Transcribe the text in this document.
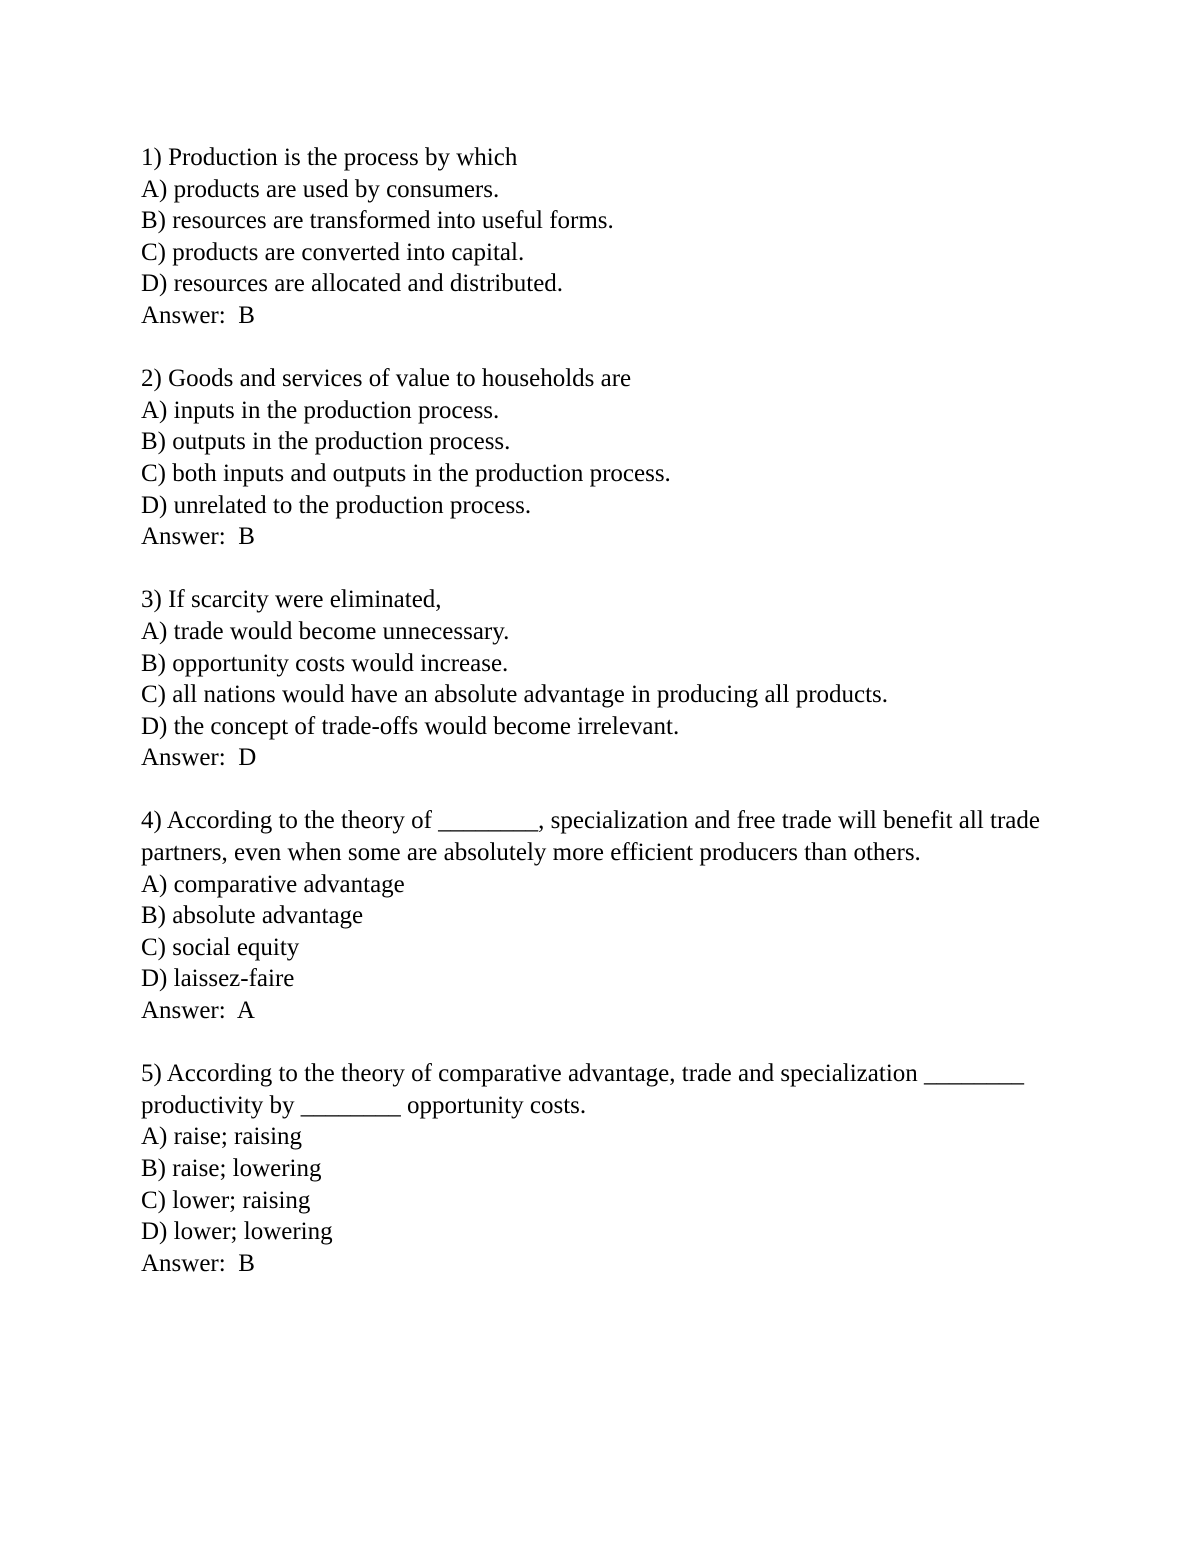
1) Production is the process by which
A) products are used by consumers.
B) resources are transformed into useful forms.
C) products are converted into capital.
D) resources are allocated and distributed.
Answer:  B
2) Goods and services of value to households are
A) inputs in the production process.
B) outputs in the production process.
C) both inputs and outputs in the production process.
D) unrelated to the production process.
Answer:  B
3) If scarcity were eliminated,
A) trade would become unnecessary.
B) opportunity costs would increase.
C) all nations would have an absolute advantage in producing all products.
D) the concept of trade-offs would become irrelevant.
Answer:  D
4) According to the theory of ________, specialization and free trade will benefit all trade partners, even when some are absolutely more efficient producers than others.
A) comparative advantage
B) absolute advantage
C) social equity
D) laissez-faire
Answer:  A
5) According to the theory of comparative advantage, trade and specialization ________ productivity by ________ opportunity costs.
A) raise; raising
B) raise; lowering
C) lower; raising
D) lower; lowering
Answer:  B
